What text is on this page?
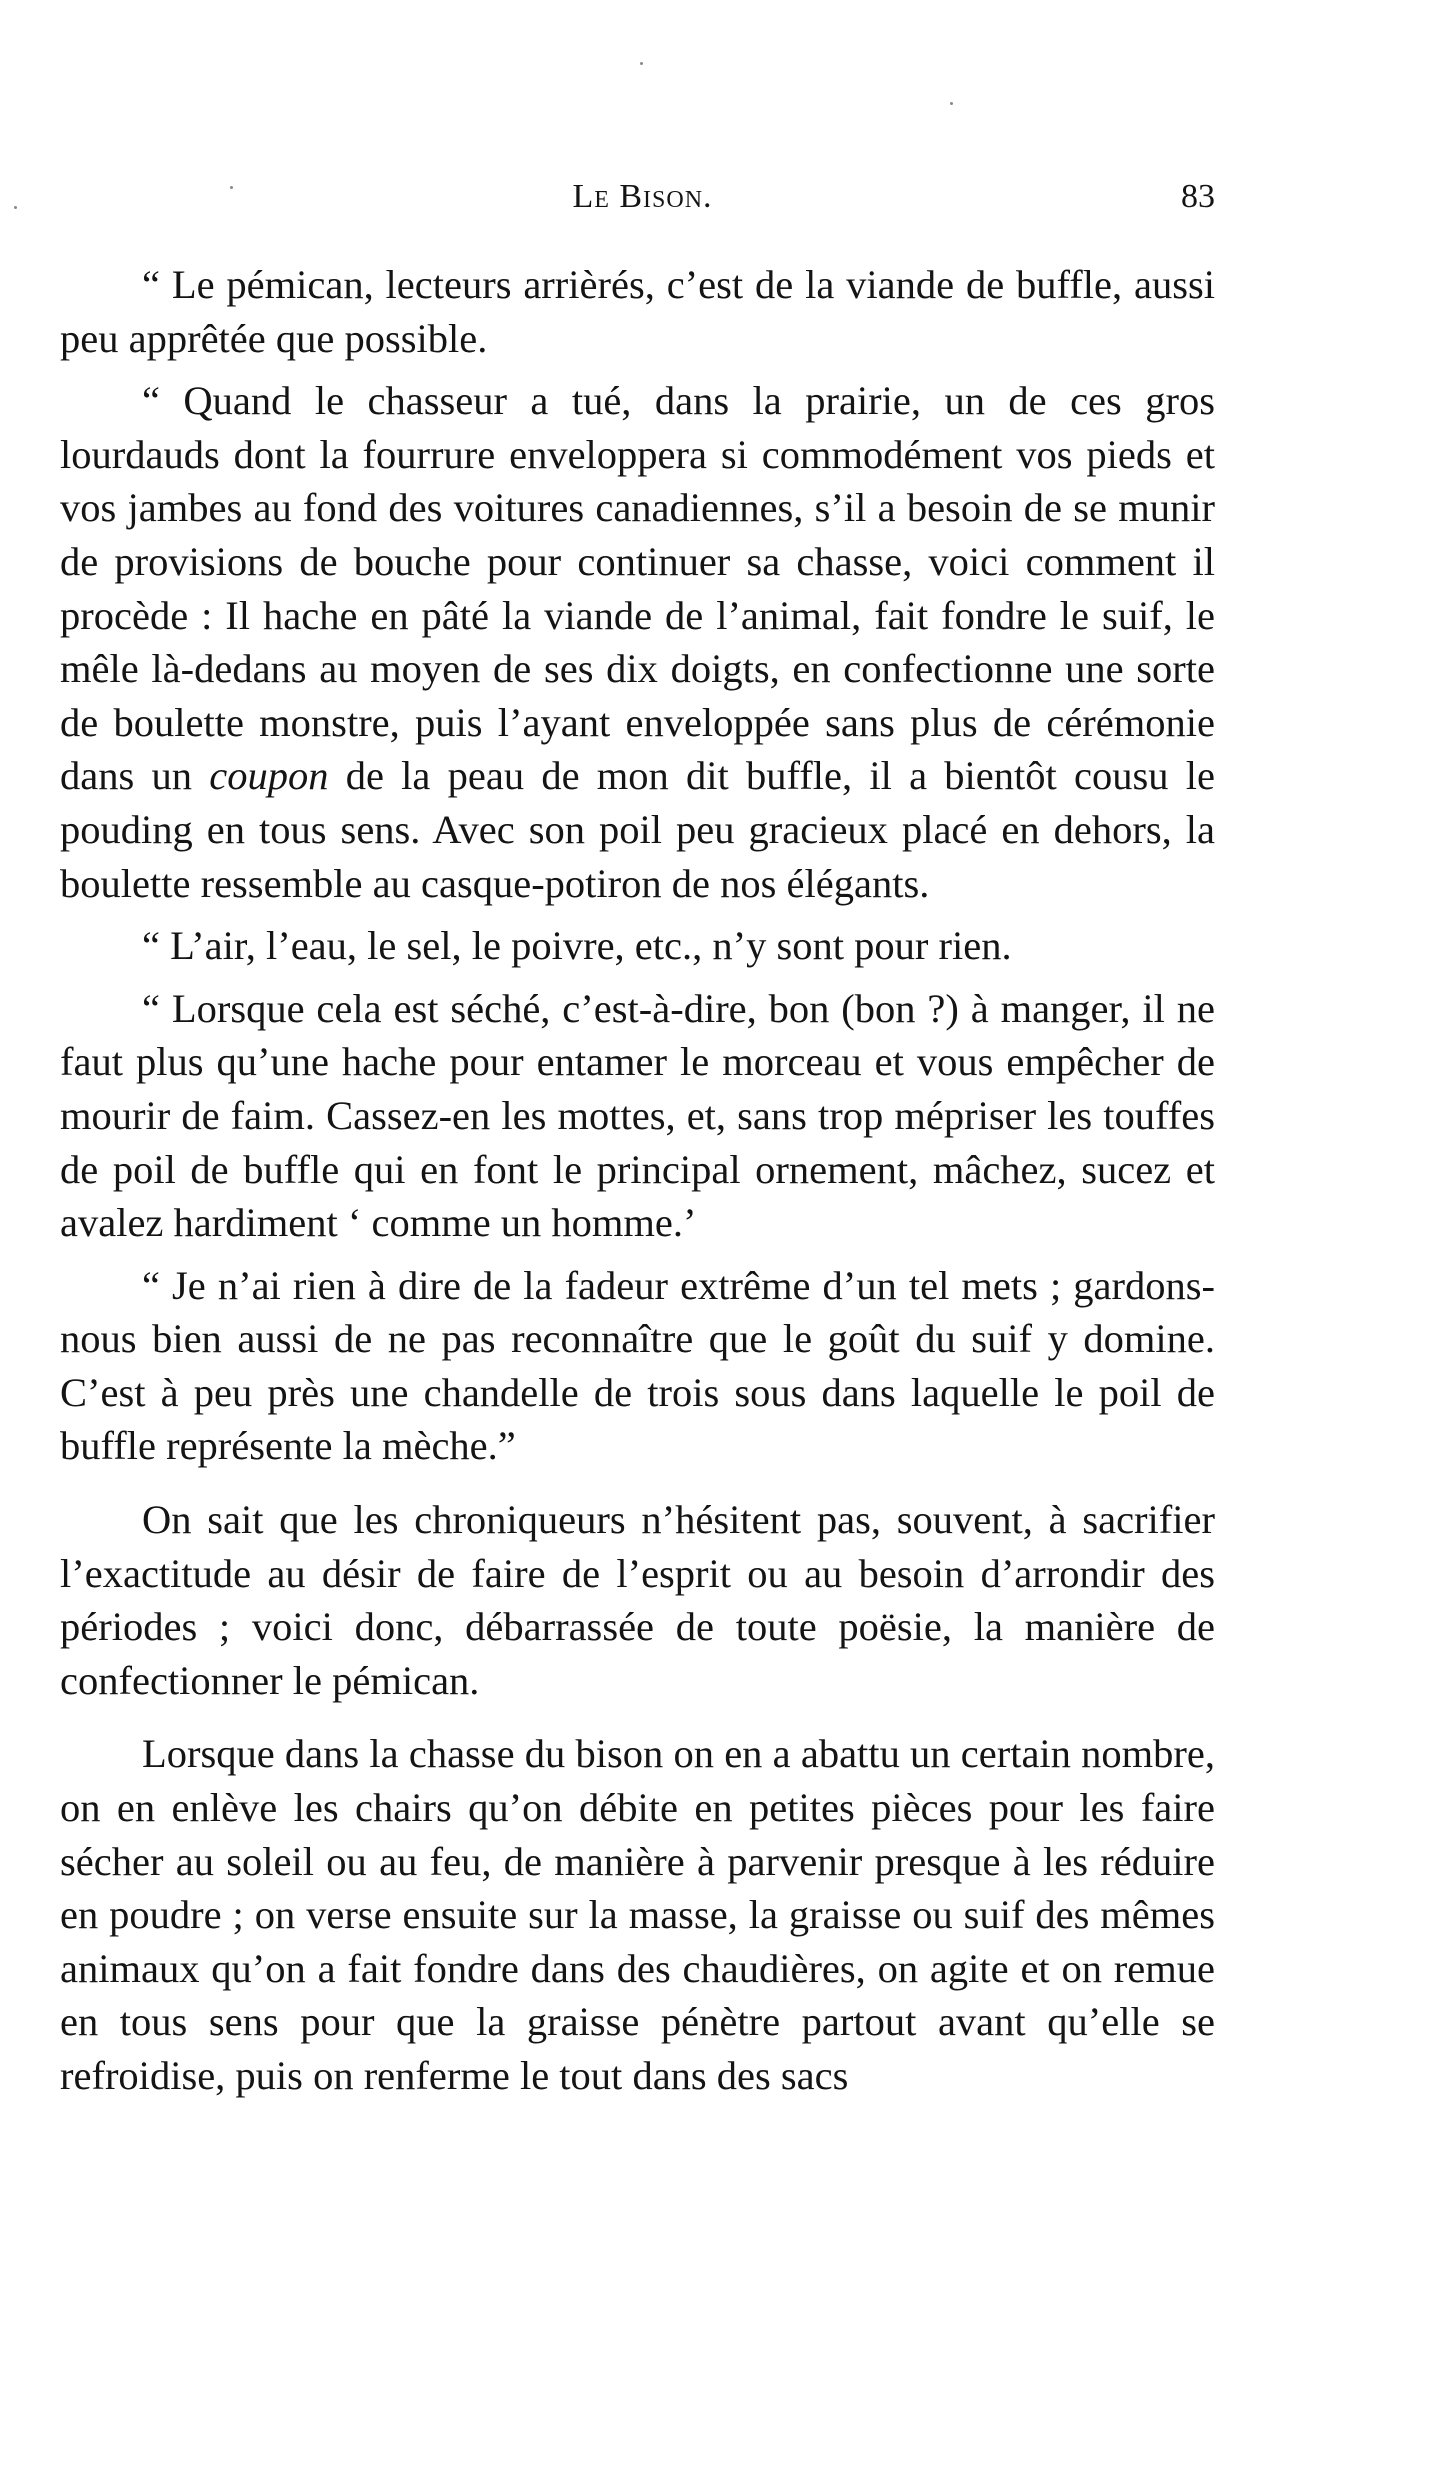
Le Bison.	83

“ Le pémican, lecteurs arrièrés, c’est de la viande de buffle, aussi peu apprêtée que possible.

“ Quand le chasseur a tué, dans la prairie, un de ces gros lourdauds dont la fourrure enveloppera si commodément vos pieds et vos jambes au fond des voitures canadiennes, s’il a besoin de se munir de provisions de bouche pour continuer sa chasse, voici comment il procède : Il hache en pâté la viande de l’animal, fait fondre le suif, le mêle là-dedans au moyen de ses dix doigts, en confectionne une sorte de boulette monstre, puis l’ayant enveloppée sans plus de cérémonie dans un coupon de la peau de mon dit buffle, il a bientôt cousu le pouding en tous sens. Avec son poil peu gracieux placé en dehors, la boulette ressemble au casque-potiron de nos élégants.

“ L’air, l’eau, le sel, le poivre, etc., n’y sont pour rien.

“ Lorsque cela est séché, c’est-à-dire, bon (bon ?) à manger, il ne faut plus qu’une hache pour entamer le morceau et vous empêcher de mourir de faim. Cassez-en les mottes, et, sans trop mépriser les touffes de poil de buffle qui en font le principal ornement, mâchez, sucez et avalez hardiment ‘ comme un homme.’

“ Je n’ai rien à dire de la fadeur extrême d’un tel mets ; gardons-nous bien aussi de ne pas reconnaître que le goût du suif y domine. C’est à peu près une chandelle de trois sous dans laquelle le poil de buffle représente la mèche.”

On sait que les chroniqueurs n’hésitent pas, souvent, à sacrifier l’exactitude au désir de faire de l’esprit ou au besoin d’arrondir des périodes ; voici donc, débarrassée de toute poësie, la manière de confectionner le pémican.

Lorsque dans la chasse du bison on en a abattu un certain nombre, on en enlève les chairs qu’on débite en petites pièces pour les faire sécher au soleil ou au feu, de manière à parvenir presque à les réduire en poudre ; on verse ensuite sur la masse, la graisse ou suif des mêmes animaux qu’on a fait fondre dans des chaudières, on agite et on remue en tous sens pour que la graisse pénètre partout avant qu’elle se refroidise, puis on renferme le tout dans des sacs
